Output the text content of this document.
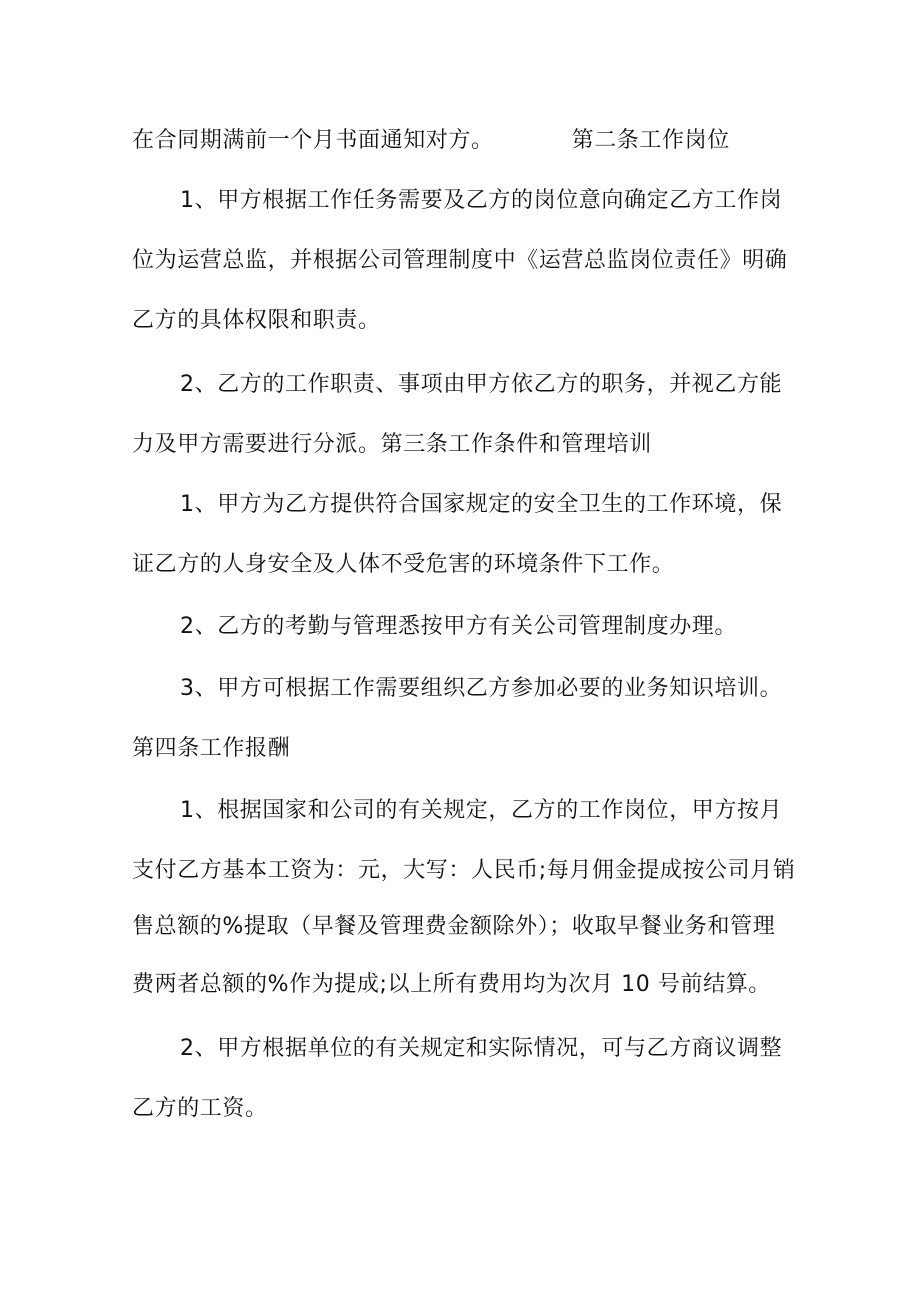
在合同期满前一个月书面通知对方。	第二条工作岗位
1、甲方根据工作任务需要及乙方的岗位意向确定乙方工作岗
位为运营总监，并根据公司管理制度中《运营总监岗位责任》明确
乙方的具体权限和职责。
2、乙方的工作职责、事项由甲方依乙方的职务，并视乙方能
力及甲方需要进行分派。第三条工作条件和管理培训
1、甲方为乙方提供符合国家规定的安全卫生的工作环境，保
证乙方的人身安全及人体不受危害的环境条件下工作。
2、乙方的考勤与管理悉按甲方有关公司管理制度办理。
3、甲方可根据工作需要组织乙方参加必要的业务知识培训。
第四条工作报酬
1、根据国家和公司的有关规定，乙方的工作岗位，甲方按月
支付乙方基本工资为：元，大写：人民币;每月佣金提成按公司月销
售总额的%提取（早餐及管理费金额除外）；收取早餐业务和管理
费两者总额的%作为提成;以上所有费用均为次月 10 号前结算。
2、甲方根据单位的有关规定和实际情况，可与乙方商议调整
乙方的工资。
